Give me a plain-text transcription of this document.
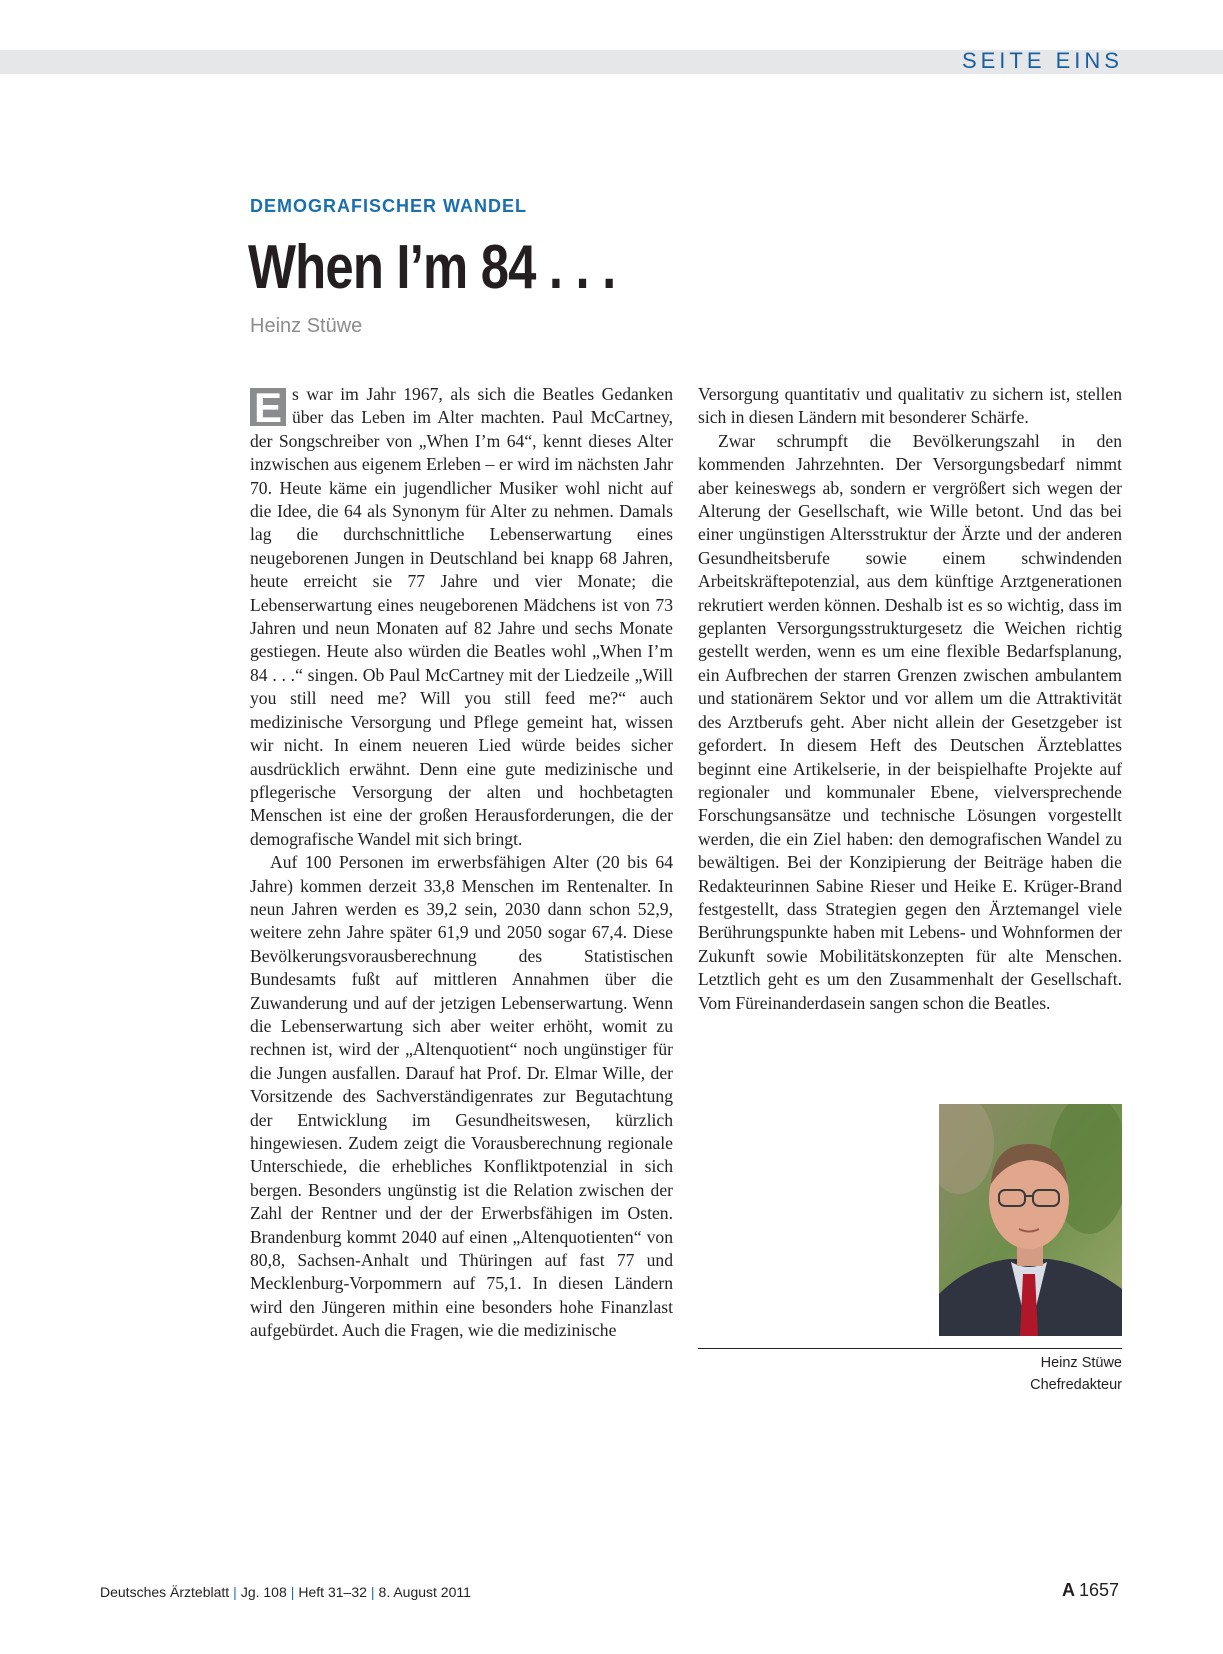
SEITE EINS
DEMOGRAFISCHER WANDEL
When I’m 84 . . .
Heinz Stüwe

E s war im Jahr 1967, als sich die Beatles Gedanken über das Leben im Alter machten. Paul McCartney, der Songschreiber von „When I’m 64“, kennt dieses Alter inzwischen aus eigenem Erleben – er wird im nächsten Jahr 70. Heute käme ein jugendlicher Musiker wohl nicht auf die Idee, die 64 als Synonym für Alter zu nehmen. Damals lag die durchschnittliche Lebenserwartung eines neugeborenen Jungen in Deutschland bei knapp 68 Jahren, heute erreicht sie 77 Jahre und vier Monate; die Lebenserwartung eines neugeborenen Mädchens ist von 73 Jahren und neun Monaten auf 82 Jahre und sechs Monate gestiegen. Heute also würden die Beatles wohl „When I’m 84 . . .“ singen. Ob Paul McCartney mit der Liedzeile „Will you still need me? Will you still feed me?“ auch medizinische Versorgung und Pflege gemeint hat, wissen wir nicht. In einem neueren Lied würde beides sicher ausdrücklich erwähnt. Denn eine gute medizinische und pflegerische Versorgung der alten und hochbetagten Menschen ist eine der großen Herausforderungen, die der demografische Wandel mit sich bringt.

Auf 100 Personen im erwerbsfähigen Alter (20 bis 64 Jahre) kommen derzeit 33,8 Menschen im Rentenalter. In neun Jahren werden es 39,2 sein, 2030 dann schon 52,9, weitere zehn Jahre später 61,9 und 2050 sogar 67,4. Diese Bevölkerungsvorausberechnung des Statistischen Bundesamts fußt auf mittleren Annahmen über die Zuwanderung und auf der jetzigen Lebenserwartung. Wenn die Lebenserwartung sich aber weiter erhöht, womit zu rechnen ist, wird der „Altenquotient“ noch ungünstiger für die Jungen ausfallen. Darauf hat Prof. Dr. Elmar Wille, der Vorsitzende des Sachverständigenrates zur Begutachtung der Entwicklung im Gesundheitswesen, kürzlich hingewiesen. Zudem zeigt die Vorausberechnung regionale Unterschiede, die erhebliches Konfliktpotenzial in sich bergen. Besonders ungünstig ist die Relation zwischen der Zahl der Rentner und der der Erwerbsfähigen im Osten. Brandenburg kommt 2040 auf einen „Altenquotienten“ von 80,8, Sachsen-Anhalt und Thüringen auf fast 77 und Mecklenburg-Vorpommern auf 75,1. In diesen Ländern wird den Jüngeren mithin eine besonders hohe Finanzlast aufgebürdet. Auch die Fragen, wie die medizinische

Versorgung quantitativ und qualitativ zu sichern ist, stellen sich in diesen Ländern mit besonderer Schärfe.

Zwar schrumpft die Bevölkerungszahl in den kommenden Jahrzehnten. Der Versorgungsbedarf nimmt aber keineswegs ab, sondern er vergrößert sich wegen der Alterung der Gesellschaft, wie Wille betont. Und das bei einer ungünstigen Altersstruktur der Ärzte und der anderen Gesundheitsberufe sowie einem schwindenden Arbeitskräftepotenzial, aus dem künftige Arztgenerationen rekrutiert werden können. Deshalb ist es so wichtig, dass im geplanten Versorgungsstrukturgesetz die Weichen richtig gestellt werden, wenn es um eine flexible Bedarfsplanung, ein Aufbrechen der starren Grenzen zwischen ambulantem und stationärem Sektor und vor allem um die Attraktivität des Arztberufs geht. Aber nicht allein der Gesetzgeber ist gefordert. In diesem Heft des Deutschen Ärzteblattes beginnt eine Artikelserie, in der beispielhafte Projekte auf regionaler und kommunaler Ebene, vielversprechende Forschungsansätze und technische Lösungen vorgestellt werden, die ein Ziel haben: den demografischen Wandel zu bewältigen. Bei der Konzipierung der Beiträge haben die Redakteurinnen Sabine Rieser und Heike E. Krüger-Brand festgestellt, dass Strategien gegen den Ärztemangel viele Berührungspunkte haben mit Lebens- und Wohnformen der Zukunft sowie Mobilitätskonzepten für alte Menschen. Letztlich geht es um den Zusammenhalt der Gesellschaft. Vom Füreinanderdasein sangen schon die Beatles.

Heinz Stüwe
Chefredakteur
Deutsches Ärzteblatt | Jg. 108 | Heft 31–32 | 8. August 2011	A 1657
